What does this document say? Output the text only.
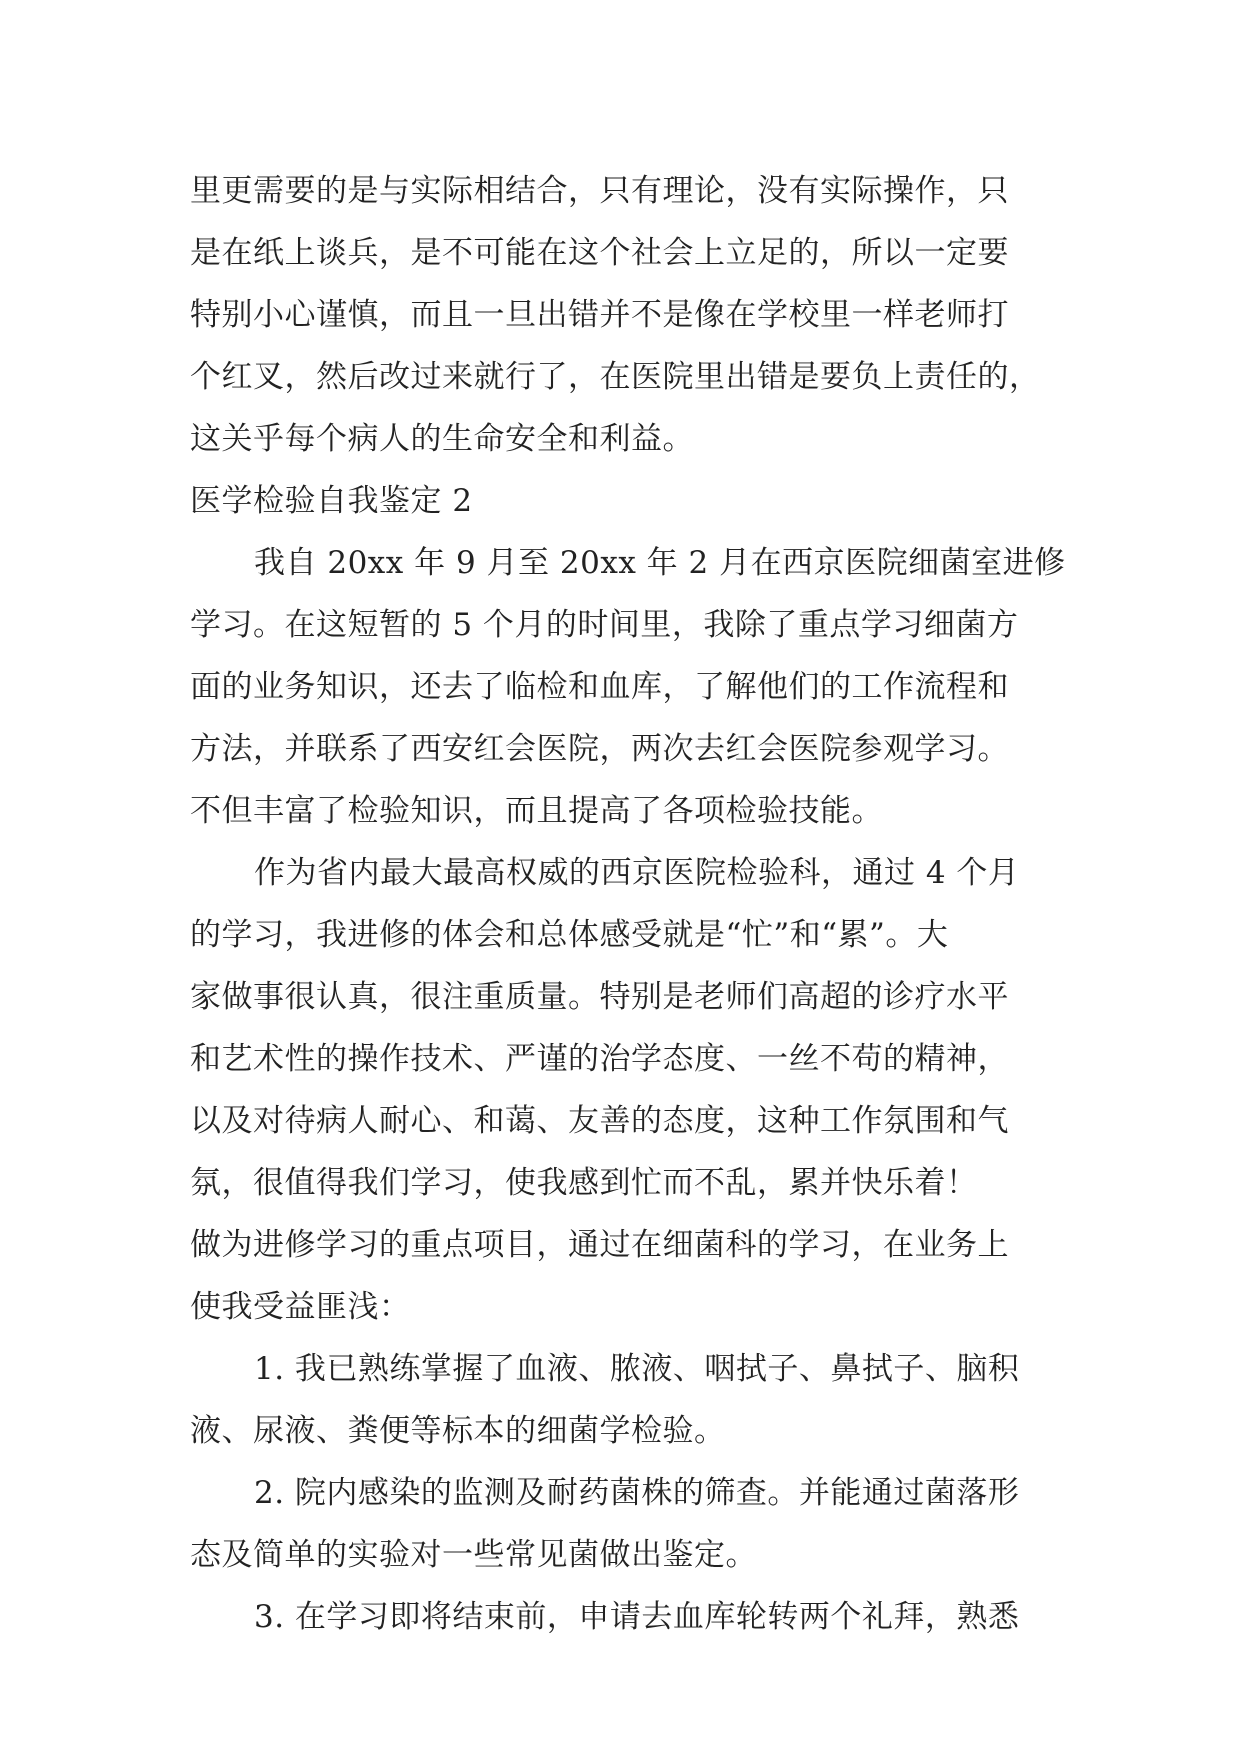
里更需要的是与实际相结合，只有理论，没有实际操作，只
是在纸上谈兵，是不可能在这个社会上立足的，所以一定要
特别小心谨慎，而且一旦出错并不是像在学校里一样老师打
个红叉，然后改过来就行了，在医院里出错是要负上责任的，
这关乎每个病人的生命安全和利益。
医学检验自我鉴定 2
我自 20xx 年 9 月至 20xx 年 2 月在西京医院细菌室进修
学习。在这短暂的 5 个月的时间里，我除了重点学习细菌方
面的业务知识，还去了临检和血库，了解他们的工作流程和
方法，并联系了西安红会医院，两次去红会医院参观学习。
不但丰富了检验知识，而且提高了各项检验技能。
作为省内最大最高权威的西京医院检验科，通过 4 个月
的学习，我进修的体会和总体感受就是“忙”和“累”。大
家做事很认真，很注重质量。特别是老师们高超的诊疗水平
和艺术性的操作技术、严谨的治学态度、一丝不苟的精神，
以及对待病人耐心、和蔼、友善的态度，这种工作氛围和气
氛，很值得我们学习，使我感到忙而不乱，累并快乐着！
做为进修学习的重点项目，通过在细菌科的学习，在业务上
使我受益匪浅：
1. 我已熟练掌握了血液、脓液、咽拭子、鼻拭子、脑积
液、尿液、粪便等标本的细菌学检验。
2. 院内感染的监测及耐药菌株的筛查。并能通过菌落形
态及简单的实验对一些常见菌做出鉴定。
3. 在学习即将结束前，申请去血库轮转两个礼拜，熟悉
